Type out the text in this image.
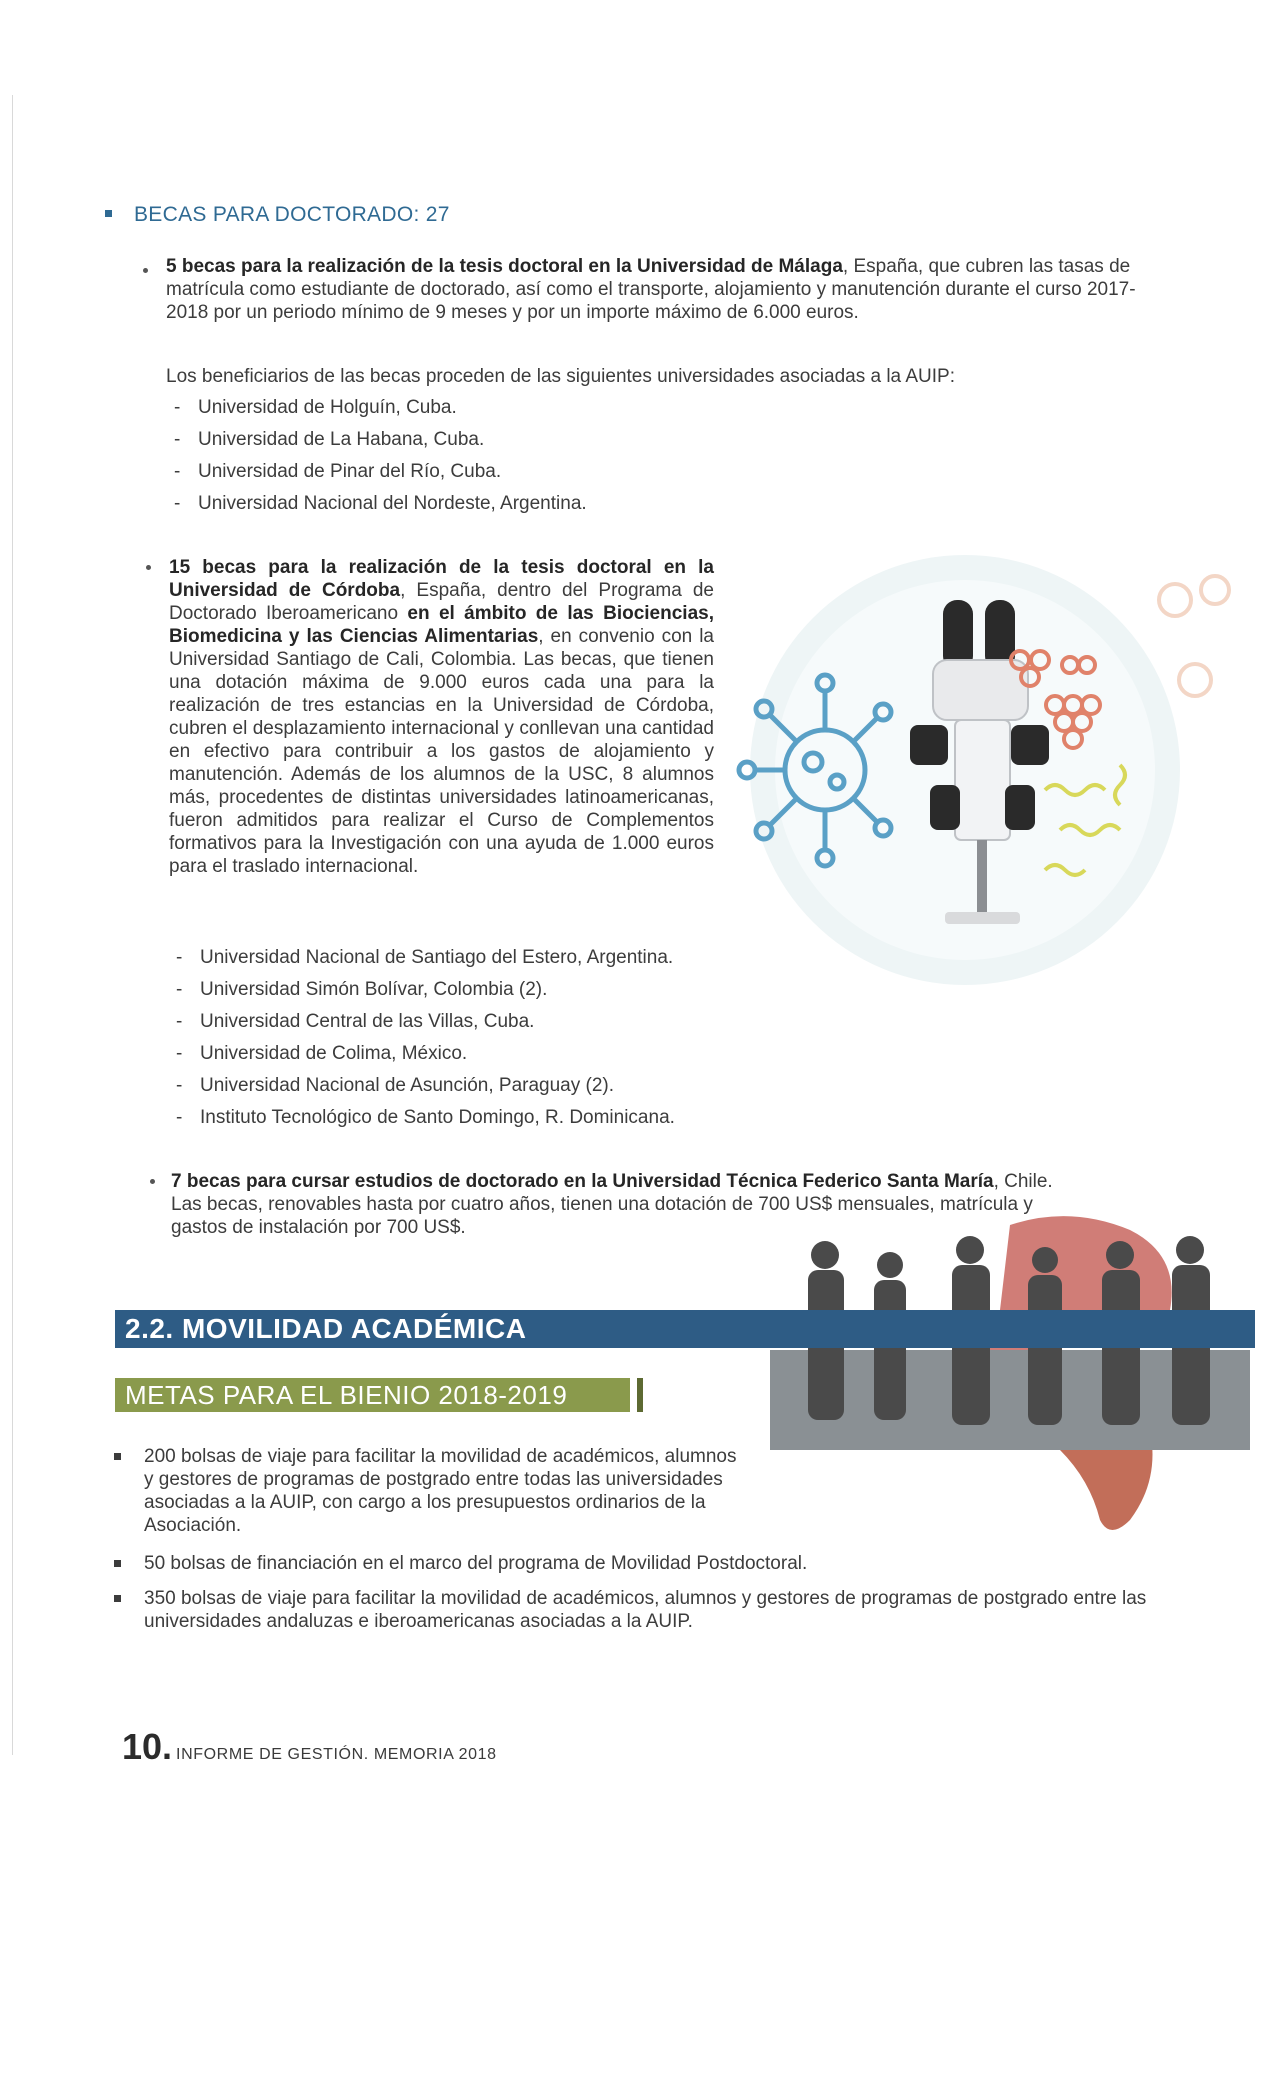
BECAS PARA DOCTORADO: 27
5 becas para la realización de la tesis doctoral en la Universidad de Málaga, España, que cubren las tasas de matrícula como estudiante de doctorado, así como el transporte, alojamiento y manutención durante el curso 2017-2018 por un periodo mínimo de 9 meses y por un importe máximo de 6.000 euros.
Los beneficiarios de las becas proceden de las siguientes universidades asociadas a la AUIP:
- Universidad de Holguín, Cuba.
- Universidad de La Habana, Cuba.
- Universidad de Pinar del Río, Cuba.
- Universidad Nacional del Nordeste, Argentina.
15 becas para la realización de la tesis doctoral en la Universidad de Córdoba, España, dentro del Programa de Doctorado Iberoamericano en el ámbito de las Biociencias, Biomedicina y las Ciencias Alimentarias, en convenio con la Universidad Santiago de Cali, Colombia. Las becas, que tienen una dotación máxima de 9.000 euros cada una para la realización de tres estancias en la Universidad de Córdoba, cubren el desplazamiento internacional y conllevan una cantidad en efectivo para contribuir a los gastos de alojamiento y manutención. Además de los alumnos de la USC, 8 alumnos más, procedentes de distintas universidades latinoamericanas, fueron admitidos para realizar el Curso de Complementos formativos para la Investigación con una ayuda de 1.000 euros para el traslado internacional.
- Universidad Nacional de Santiago del Estero, Argentina.
- Universidad Simón Bolívar, Colombia (2).
- Universidad Central de las Villas, Cuba.
- Universidad de Colima, México.
- Universidad Nacional de Asunción, Paraguay (2).
- Instituto Tecnológico de Santo Domingo, R. Dominicana.
7 becas para cursar estudios de doctorado en la Universidad Técnica Federico Santa María, Chile. Las becas, renovables hasta por cuatro años, tienen una dotación de 700 US$ mensuales, matrícula y gastos de instalación por 700 US$.
2.2. MOVILIDAD ACADÉMICA
METAS PARA EL BIENIO 2018-2019
200 bolsas de viaje para facilitar la movilidad de académicos, alumnos y gestores de programas de postgrado entre todas las universidades asociadas a la AUIP, con cargo a los presupuestos ordinarios de la Asociación.
50 bolsas de financiación en el marco del programa de Movilidad Postdoctoral.
350 bolsas de viaje para facilitar la movilidad de académicos, alumnos y gestores de programas de postgrado entre las universidades andaluzas e iberoamericanas asociadas a la AUIP.
10. INFORME DE GESTIÓN. MEMORIA 2018
